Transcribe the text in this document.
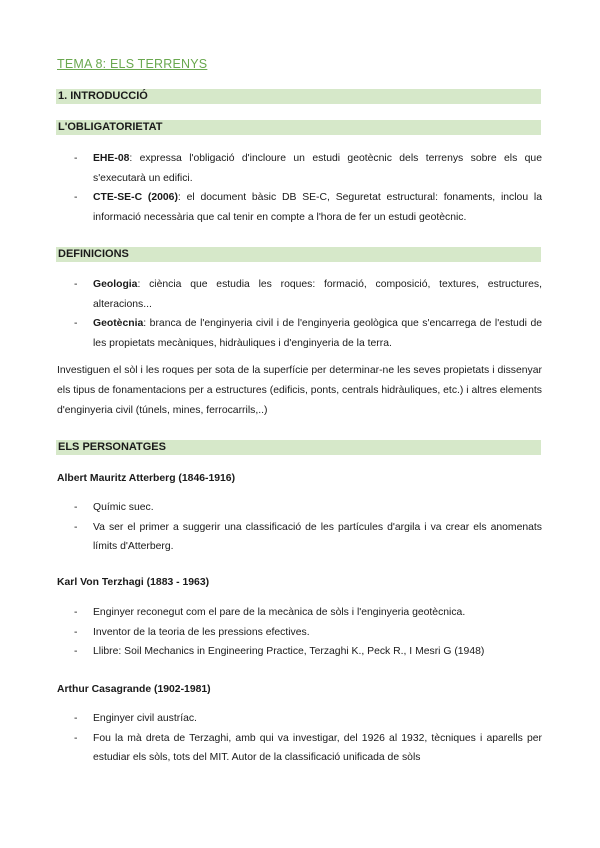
TEMA 8: ELS TERRENYS
1. INTRODUCCIÓ
L'OBLIGATORIETAT
- EHE-08: expressa l'obligació d'incloure un estudi geotècnic dels terrenys sobre els que s'executarà un edifici.
- CTE-SE-C (2006): el document bàsic DB SE-C, Seguretat estructural: fonaments, inclou la informació necessària que cal tenir en compte a l'hora de fer un estudi geotècnic.
DEFINICIONS
- Geologia: ciència que estudia les roques: formació, composició, textures, estructures, alteracions...
- Geotècnia: branca de l'enginyeria civil i de l'enginyeria geològica que s'encarrega de l'estudi de les propietats mecàniques, hidràuliques i d'enginyeria de la terra.
Investiguen el sòl i les roques per sota de la superfície per determinar-ne les seves propietats i dissenyar els tipus de fonamentacions per a estructures (edificis, ponts, centrals hidràuliques, etc.) i altres elements d'enginyeria civil (túnels, mines, ferrocarrils,..)
ELS PERSONATGES
Albert Mauritz Atterberg (1846-1916)
- Químic suec.
- Va ser el primer a suggerir una classificació de les partícules d'argila i va crear els anomenats límits d'Atterberg.
Karl Von Terzhagi (1883 - 1963)
- Enginyer reconegut com el pare de la mecànica de sòls i l'enginyeria geotècnica.
- Inventor de la teoria de les pressions efectives.
- Llibre: Soil Mechanics in Engineering Practice, Terzaghi K., Peck R., I Mesri G (1948)
Arthur Casagrande (1902-1981)
- Enginyer civil austríac.
- Fou la mà dreta de Terzaghi, amb qui va investigar, del 1926 al 1932, tècniques i aparells per estudiar els sòls, tots del MIT. Autor de la classificació unificada de sòls
